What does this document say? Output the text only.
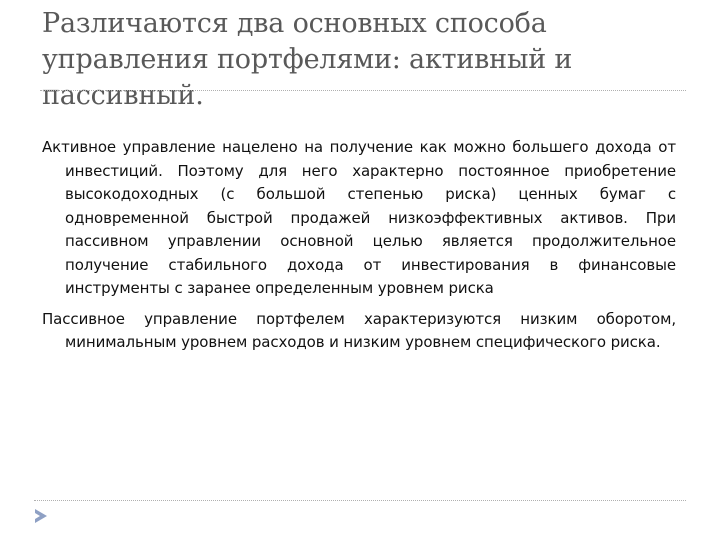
Различаются два основных способа управления портфелями: активный и пассивный.

Активное управление нацелено на получение как можно большего дохода от инвестиций. Поэтому для него характерно постоянное приобретение высокодоходных (с большой степенью риска) ценных бумаг с одновременной быстрой продажей низкоэффективных активов. При пассивном управлении основной целью является продолжительное получение стабильного дохода от инвестирования в финансовые инструменты с заранее определенным уровнем риска

Пассивное управление портфелем характеризуются низким оборотом, минимальным уровнем расходов и низким уровнем специфического риска.
